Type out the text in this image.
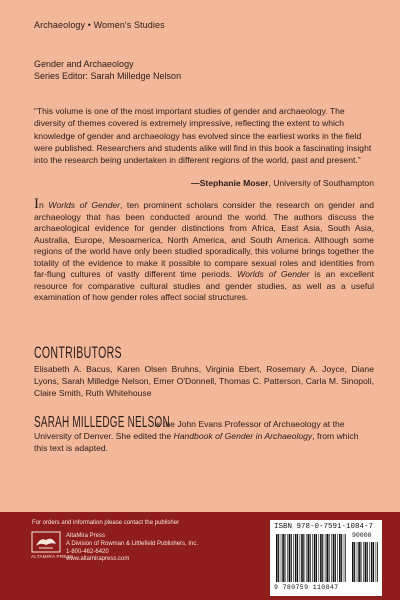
Archaeology • Women's Studies
Gender and Archaeology
Series Editor: Sarah Milledge Nelson
“This volume is one of the most important studies of gender and archaeology. The diversity of themes covered is extremely impressive, reflecting the extent to which knowledge of gender and archaeology has evolved since the earliest works in the field were published. Researchers and students alike will find in this book a fascinating insight into the research being undertaken in different regions of the world, past and present.”
—Stephanie Moser, University of Southampton
In Worlds of Gender, ten prominent scholars consider the research on gender and archaeology that has been conducted around the world. The authors discuss the archaeological evidence for gender distinctions from Africa, East Asia, South Asia, Australia, Europe, Mesoamerica, North America, and South America. Although some regions of the world have only been studied sporadically, this volume brings together the totality of the evidence to make it possible to compare sexual roles and identities from far-flung cultures of vastly different time periods. Worlds of Gender is an excellent resource for comparative cultural studies and gender studies, as well as a useful examination of how gender roles affect social structures.
CONTRIBUTORS
Elisabeth A. Bacus, Karen Olsen Bruhns, Virginia Ebert, Rosemary A. Joyce, Diane Lyons, Sarah Milledge Nelson, Emer O'Donnell, Thomas C. Patterson, Carla M. Sinopoli, Claire Smith, Ruth Whitehouse
SARAH MILLEDGE NELSON is the John Evans Professor of Archaeology at the University of Denver. She edited the Handbook of Gender in Archaeology, from which this text is adapted.
For orders and information please contact the publisher
ALTAMIRA PRESS
AltaMira Press
A Division of Rowman & Littlefield Publishers, Inc.
1-800-462-6420
www.altamirapress.com
ISBN 978-0-7591-1084-7
90000
9 780759 110847
